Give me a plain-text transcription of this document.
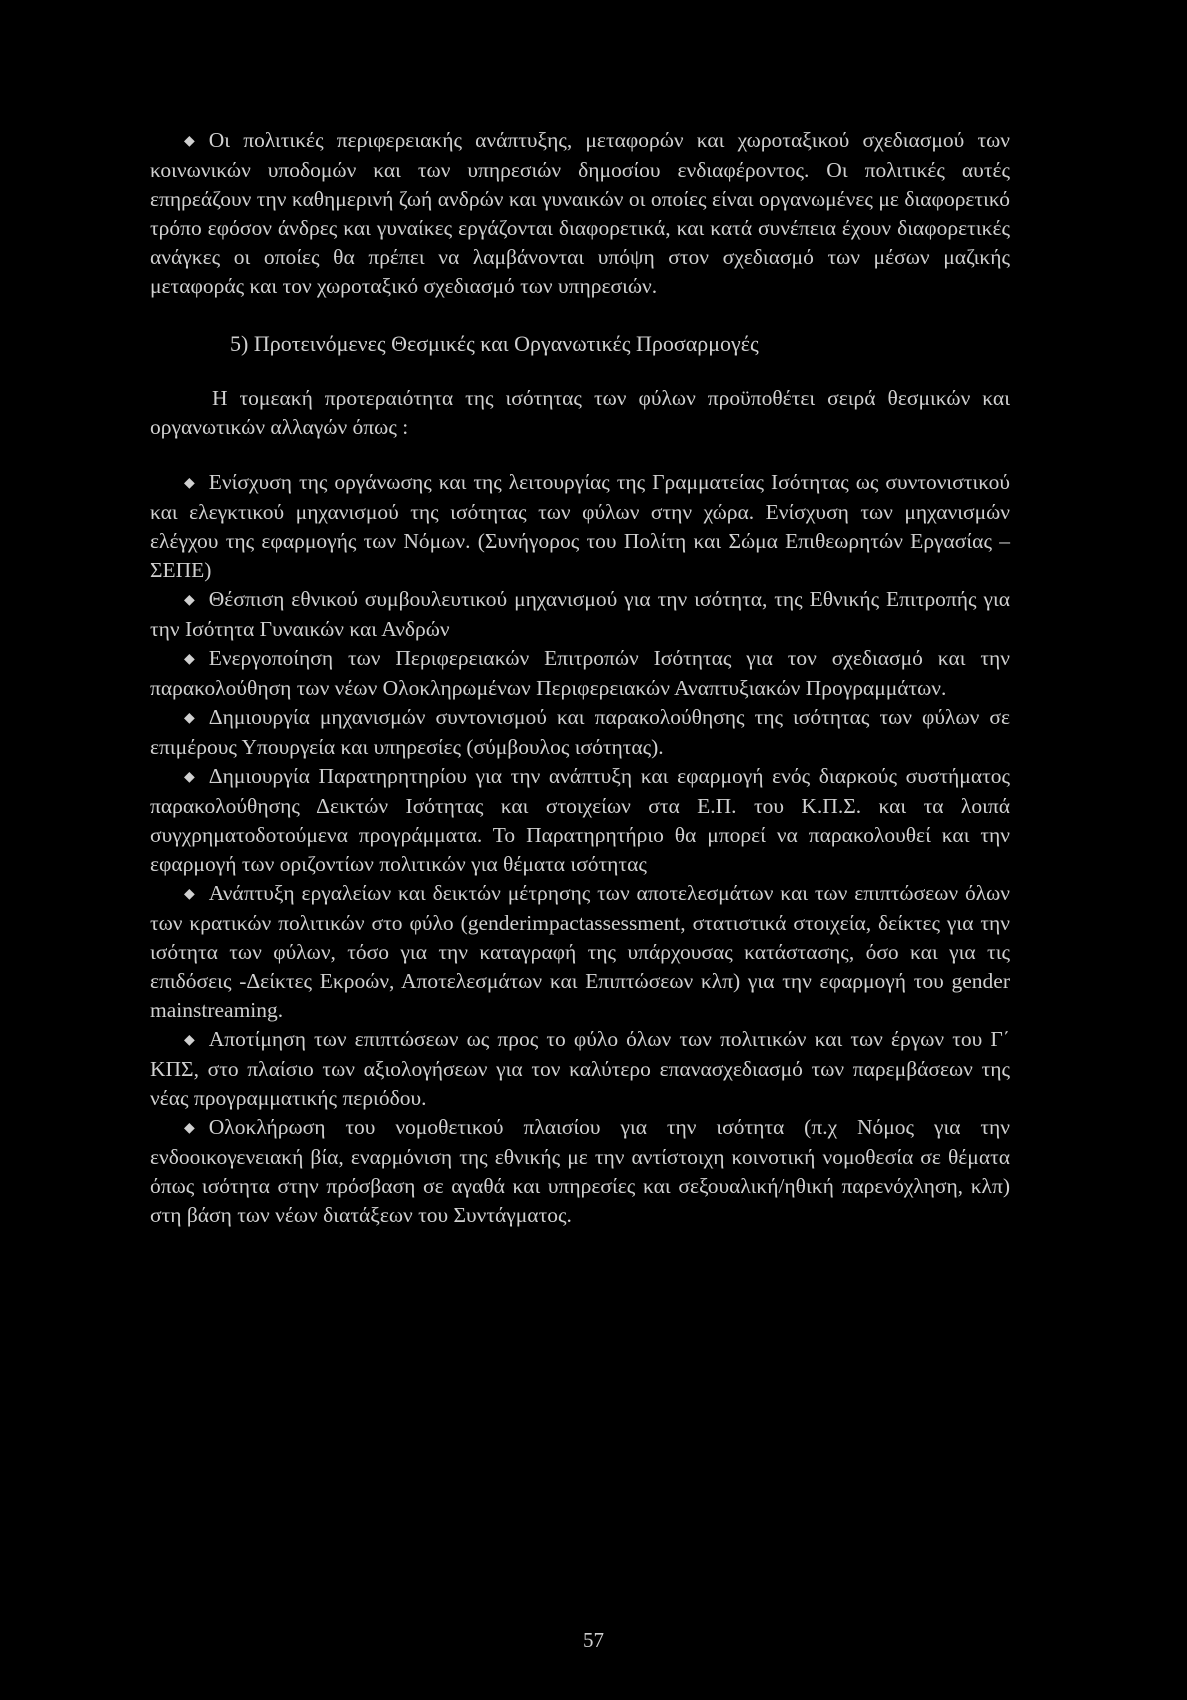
◆ Οι πολιτικές περιφερειακής ανάπτυξης, μεταφορών και χωροταξικού σχεδιασμού των κοινωνικών υποδομών και των υπηρεσιών δημοσίου ενδιαφέροντος. Οι πολιτικές αυτές επηρεάζουν την καθημερινή ζωή ανδρών και γυναικών οι οποίες είναι οργανωμένες με διαφορετικό τρόπο εφόσον άνδρες και γυναίκες εργάζονται διαφορετικά, και κατά συνέπεια έχουν διαφορετικές ανάγκες οι οποίες θα πρέπει να λαμβάνονται υπόψη στον σχεδιασμό των μέσων μαζικής μεταφοράς και τον χωροταξικό σχεδιασμό των υπηρεσιών.

5) Προτεινόμενες Θεσμικές και Οργανωτικές Προσαρμογές

Η τομεακή προτεραιότητα της ισότητας των φύλων προϋποθέτει σειρά θεσμικών και οργανωτικών αλλαγών όπως :

◆ Ενίσχυση της οργάνωσης και της λειτουργίας της Γραμματείας Ισότητας ως συντονιστικού και ελεγκτικού μηχανισμού της ισότητας των φύλων στην χώρα. Ενίσχυση των μηχανισμών ελέγχου της εφαρμογής των Νόμων. (Συνήγορος του Πολίτη και Σώμα Επιθεωρητών Εργασίας –ΣΕΠΕ)

◆ Θέσπιση εθνικού συμβουλευτικού μηχανισμού για την ισότητα, της Εθνικής Επιτροπής για την Ισότητα Γυναικών και Ανδρών

◆ Ενεργοποίηση των Περιφερειακών Επιτροπών Ισότητας για τον σχεδιασμό και την παρακολούθηση των νέων Ολοκληρωμένων Περιφερειακών Αναπτυξιακών Προγραμμάτων.

◆ Δημιουργία μηχανισμών συντονισμού και παρακολούθησης της ισότητας των φύλων σε επιμέρους Υπουργεία και υπηρεσίες (σύμβουλος ισότητας).

◆ Δημιουργία Παρατηρητηρίου για την ανάπτυξη και εφαρμογή ενός διαρκούς συστήματος παρακολούθησης Δεικτών Ισότητας και στοιχείων στα Ε.Π. του Κ.Π.Σ. και τα λοιπά συγχρηματοδοτούμενα προγράμματα. Το Παρατηρητήριο θα μπορεί να παρακολουθεί και την εφαρμογή των οριζοντίων πολιτικών για θέματα ισότητας

◆ Ανάπτυξη εργαλείων και δεικτών μέτρησης των αποτελεσμάτων και των επιπτώσεων όλων των κρατικών πολιτικών στο φύλο (genderimpactassessment, στατιστικά στοιχεία, δείκτες για την ισότητα των φύλων, τόσο για την καταγραφή της υπάρχουσας κατάστασης, όσο και για τις επιδόσεις -Δείκτες Εκροών, Αποτελεσμάτων και Επιπτώσεων κλπ) για την εφαρμογή του gender mainstreaming.

◆ Αποτίμηση των επιπτώσεων ως προς το φύλο όλων των πολιτικών και των έργων του Γ΄ ΚΠΣ, στο πλαίσιο των αξιολογήσεων για τον καλύτερο επανασχεδιασμό των παρεμβάσεων της νέας προγραμματικής περιόδου.

◆ Ολοκλήρωση του νομοθετικού πλαισίου για την ισότητα (π.χ Νόμος για την ενδοοικογενειακή βία, εναρμόνιση της εθνικής με την αντίστοιχη κοινοτική νομοθεσία σε θέματα όπως ισότητα στην πρόσβαση σε αγαθά και υπηρεσίες και σεξουαλική/ηθική παρενόχληση, κλπ) στη βάση των νέων διατάξεων του Συντάγματος.

57
